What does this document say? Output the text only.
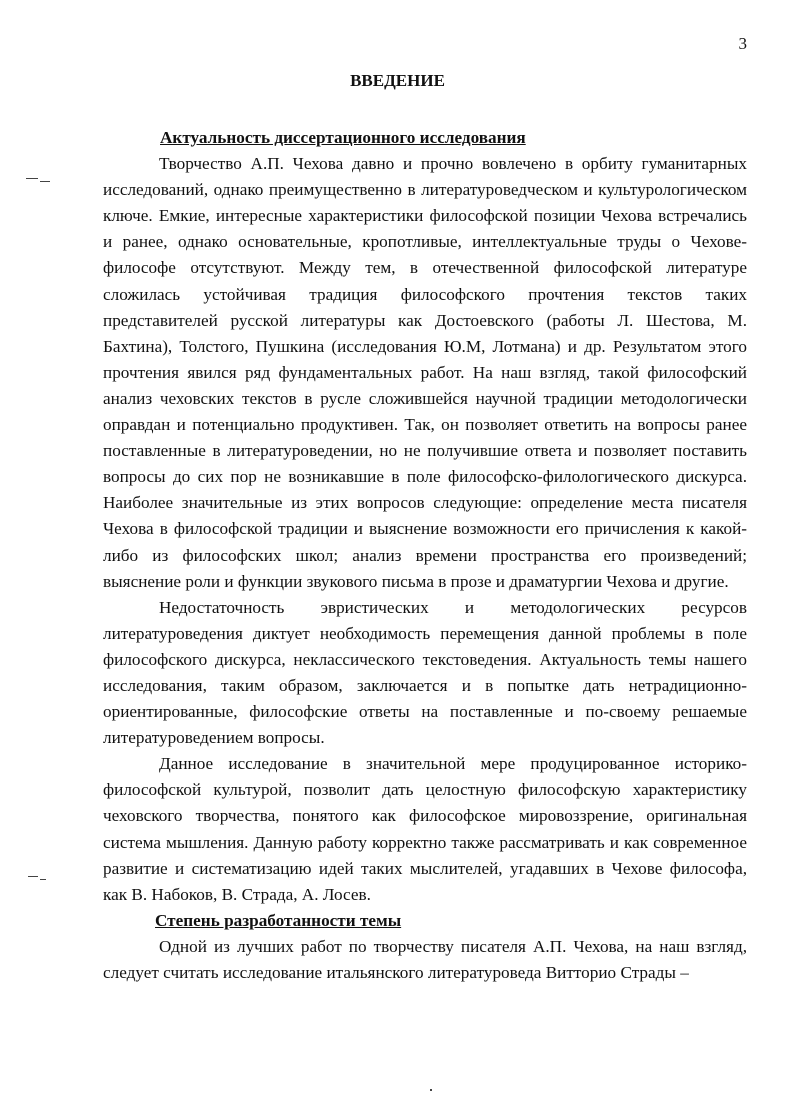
3
ВВЕДЕНИЕ
Актуальность диссертационного исследования

Творчество А.П. Чехова давно и прочно вовлечено в орбиту гуманитарных исследований, однако преимущественно в литературоведческом и культурологическом ключе. Емкие, интересные характеристики философской позиции Чехова встречались и ранее, однако основательные, кропотливые, интеллектуальные труды о Чехове-философе отсутствуют. Между тем, в отечественной философской литературе сложилась устойчивая традиция философского прочтения текстов таких представителей русской литературы как Достоевского (работы Л. Шестова, М. Бахтина), Толстого, Пушкина (исследования Ю.М, Лотмана) и др. Результатом этого прочтения явился ряд фундаментальных работ. На наш взгляд, такой философский анализ чеховских текстов в русле сложившейся научной традиции методологически оправдан и потенциально продуктивен. Так, он позволяет ответить на вопросы ранее поставленные в литературоведении, но не получившие ответа и позволяет поставить вопросы до сих пор не возникавшие в поле философско-филологического дискурса. Наиболее значительные из этих вопросов следующие: определение места писателя Чехова в философской традиции и выяснение возможности его причисления к какой-либо из философских школ; анализ времени пространства его произведений; выяснение роли и функции звукового письма в прозе и драматургии Чехова и другие.

Недостаточность эвристических и методологических ресурсов литературоведения диктует необходимость перемещения данной проблемы в поле философского дискурса, неклассического текстоведения. Актуальность темы нашего исследования, таким образом, заключается и в попытке дать нетрадиционно-ориентированные, философские ответы на поставленные и по-своему решаемые литературоведением вопросы.

Данное исследование в значительной мере продуцированное историко-философской культурой, позволит дать целостную философскую характеристику чеховского творчества, понятого как философское мировоззрение, оригинальная система мышления. Данную работу корректно также рассматривать и как современное развитие и систематизацию идей таких мыслителей, угадавших в Чехове философа, как В. Набоков, В. Страда, А. Лосев.

Степень разработанности темы

Одной из лучших работ по творчеству писателя А.П. Чехова, на наш взгляд, следует считать исследование итальянского литературоведа Витторио Страды –
